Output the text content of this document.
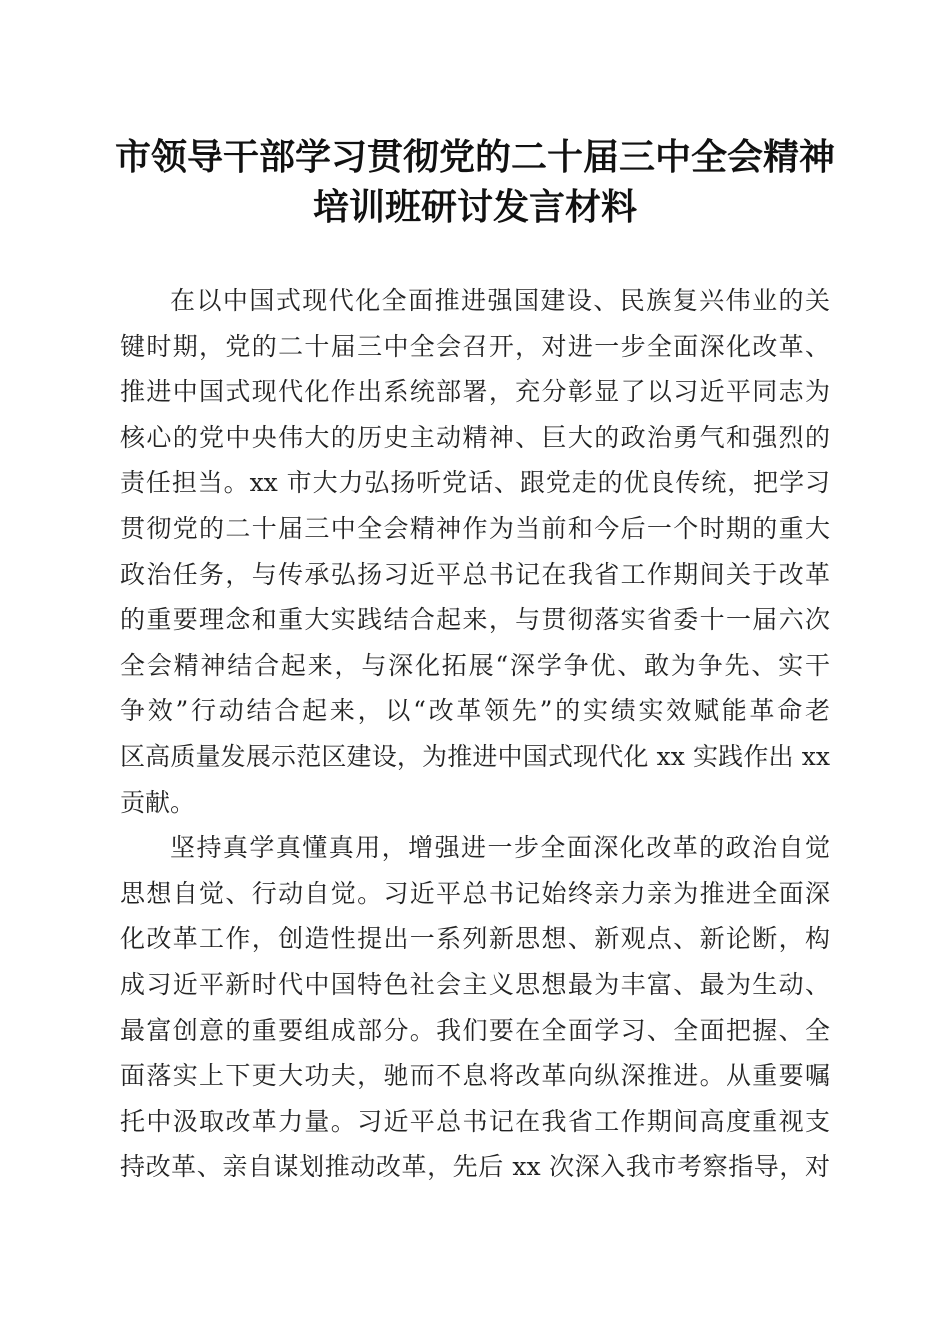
市领导干部学习贯彻党的二十届三中全会精神
培训班研讨发言材料
在以中国式现代化全面推进强国建设、民族复兴伟业的关
键时期，党的二十届三中全会召开，对进一步全面深化改革、
推进中国式现代化作出系统部署，充分彰显了以习近平同志为
核心的党中央伟大的历史主动精神、巨大的政治勇气和强烈的
责任担当。xx 市大力弘扬听党话、跟党走的优良传统，把学习
贯彻党的二十届三中全会精神作为当前和今后一个时期的重大
政治任务，与传承弘扬习近平总书记在我省工作期间关于改革
的重要理念和重大实践结合起来，与贯彻落实省委十一届六次
全会精神结合起来，与深化拓展“深学争优、敢为争先、实干
争效”行动结合起来，以“改革领先”的实绩实效赋能革命老
区高质量发展示范区建设，为推进中国式现代化 xx 实践作出 xx
贡献。
坚持真学真懂真用，增强进一步全面深化改革的政治自觉
思想自觉、行动自觉。习近平总书记始终亲力亲为推进全面深
化改革工作，创造性提出一系列新思想、新观点、新论断，构
成习近平新时代中国特色社会主义思想最为丰富、最为生动、
最富创意的重要组成部分。我们要在全面学习、全面把握、全
面落实上下更大功夫，驰而不息将改革向纵深推进。从重要嘱
托中汲取改革力量。习近平总书记在我省工作期间高度重视支
持改革、亲自谋划推动改革，先后 xx 次深入我市考察指导，对
